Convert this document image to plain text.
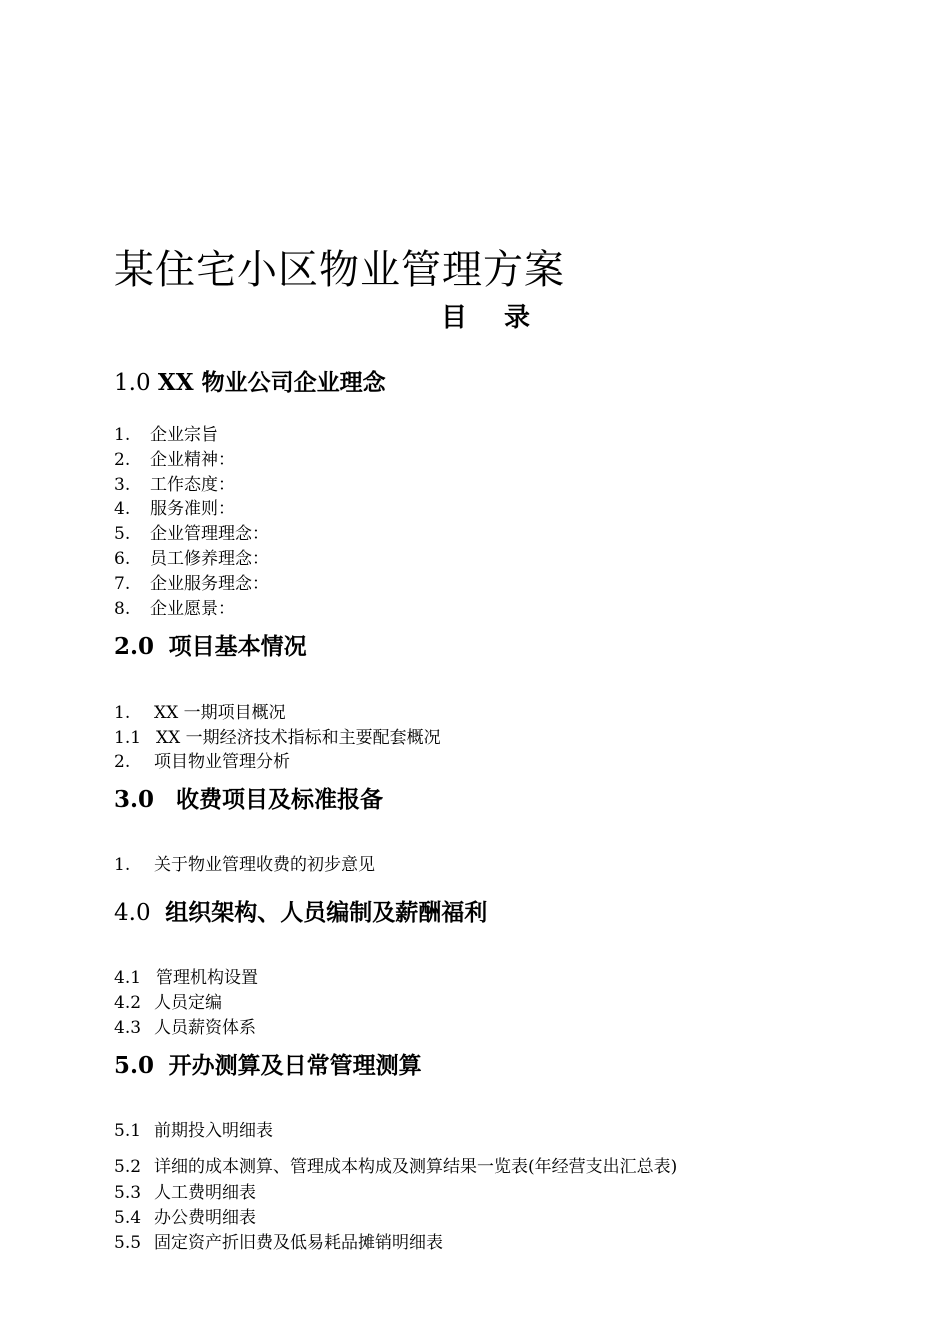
某住宅小区物业管理方案
目 录
1.0 XX 物业公司企业理念
1. 企业宗旨
2. 企业精神：
3. 工作态度：
4. 服务准则：
5. 企业管理理念：
6. 员工修养理念：
7. 企业服务理念：
8. 企业愿景：
2.0 项目基本情况
1. XX 一期项目概况
1.1 XX 一期经济技术指标和主要配套概况
2. 项目物业管理分析
3.0 收费项目及标准报备
1. 关于物业管理收费的初步意见
4.0 组织架构、人员编制及薪酬福利
4.1 管理机构设置
4.2 人员定编
4.3 人员薪资体系
5.0 开办测算及日常管理测算
5.1 前期投入明细表
5.2 详细的成本测算、管理成本构成及测算结果一览表(年经营支出汇总表)
5.3 人工费明细表
5.4 办公费明细表
5.5 固定资产折旧费及低易耗品摊销明细表
